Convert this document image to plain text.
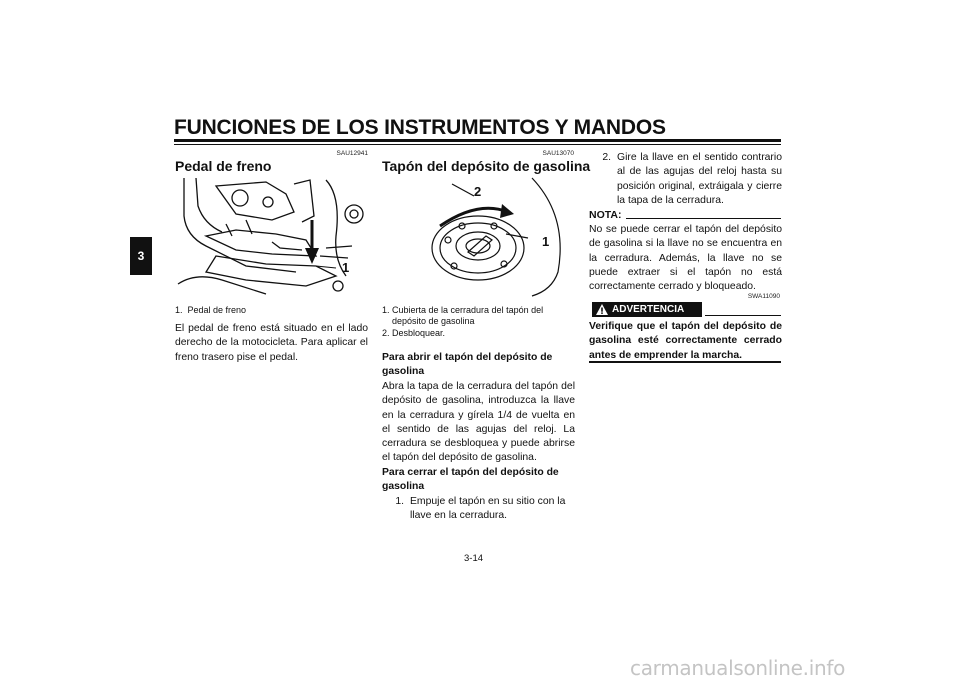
FUNCIONES DE LOS INSTRUMENTOS Y MANDOS
3
SAU12941
Pedal de freno
1
1. Pedal de freno
El pedal de freno está situado en el lado derecho de la motocicleta. Para aplicar el freno trasero pise el pedal.
SAU13070
Tapón del depósito de gasolina
2
1
1. Cubierta de la cerradura del tapón del depósito de gasolina
2. Desbloquear.
Para abrir el tapón del depósito de gasolina
Abra la tapa de la cerradura del tapón del depósito de gasolina, introduzca la llave en la cerradura y gírela 1/4 de vuelta en el sentido de las agujas del reloj. La cerradura se desbloquea y puede abrirse el tapón del depósito de gasolina.
Para cerrar el tapón del depósito de gasolina
1. Empuje el tapón en su sitio con la llave en la cerradura.
2. Gire la llave en el sentido contrario al de las agujas del reloj hasta su posición original, extráigala y cierre la tapa de la cerradura.
NOTA:
No se puede cerrar el tapón del depósito de gasolina si la llave no se encuentra en la cerradura. Además, la llave no se puede extraer si el tapón no está correctamente cerrado y bloqueado.
SWA11090
ADVERTENCIA
Verifique que el tapón del depósito de gasolina esté correctamente cerrado antes de emprender la marcha.
3-14
carmanualsonline.info
